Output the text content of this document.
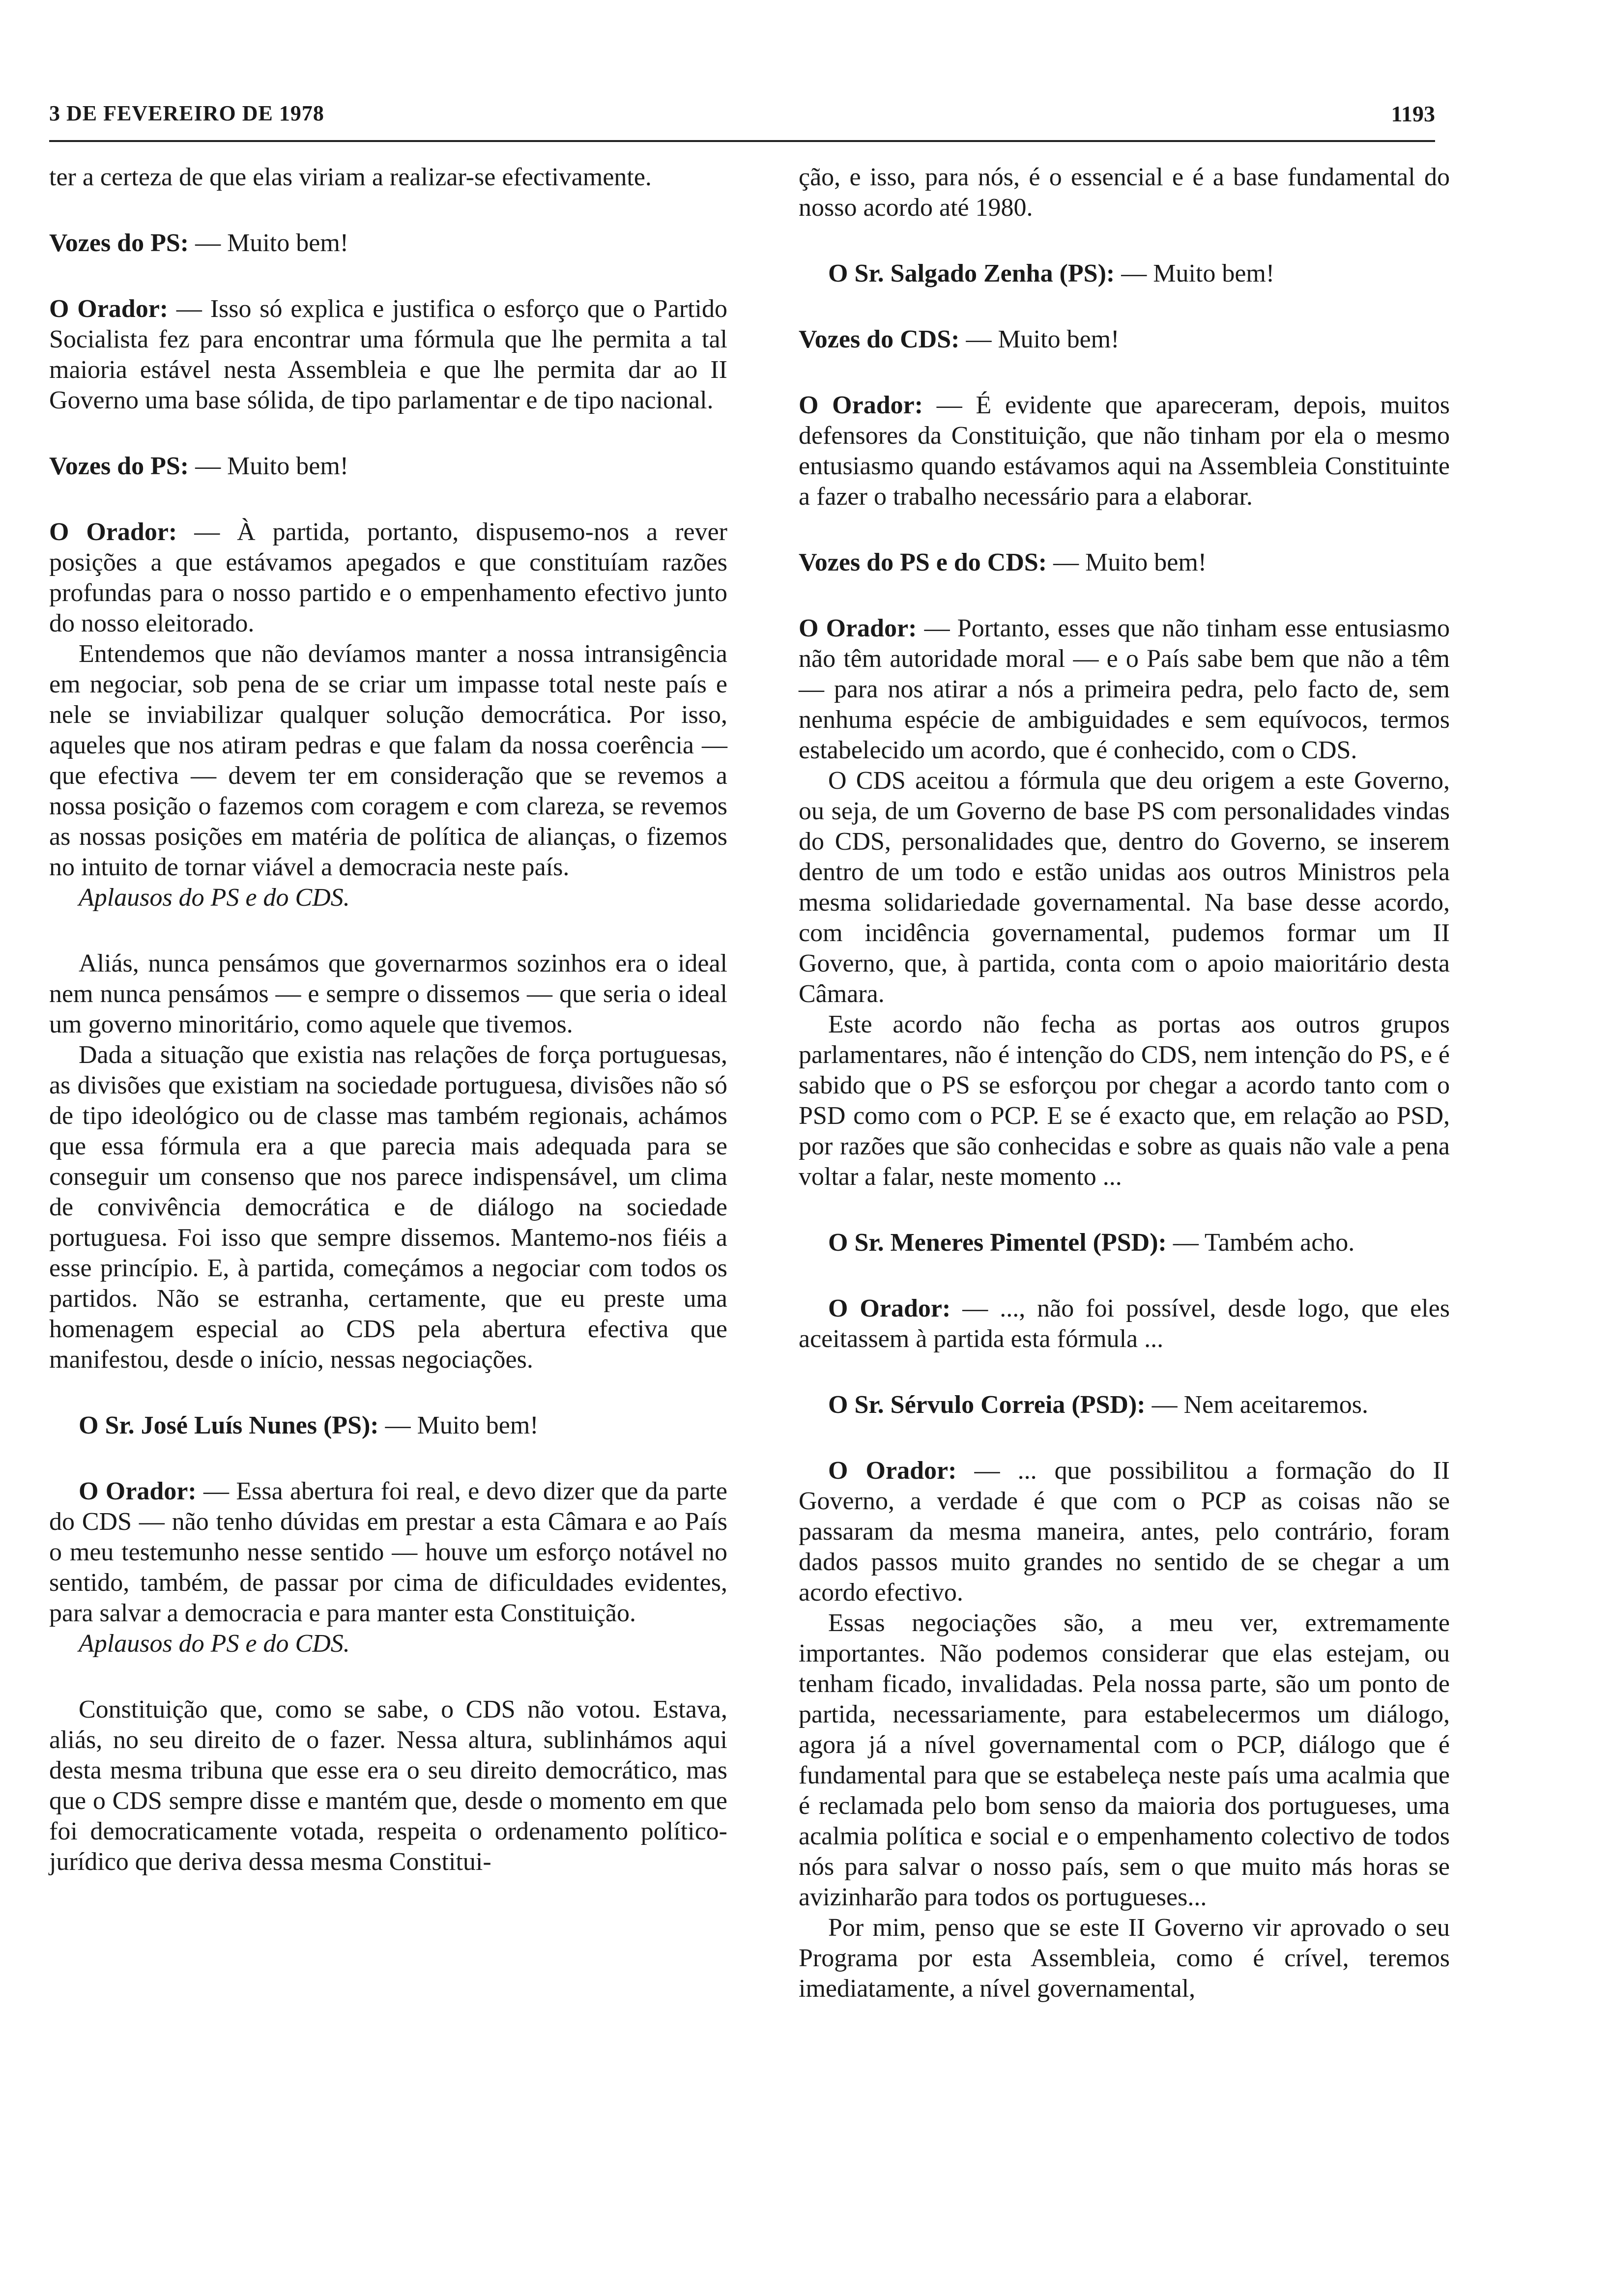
3 DE FEVEREIRO DE 1978	1193

ter a certeza de que elas viriam a realizar-se efectivamente.

Vozes do PS: — Muito bem!

O Orador: — Isso só explica e justifica o esforço que o Partido Socialista fez para encontrar uma fórmula que lhe permita a tal maioria estável nesta Assembleia e que lhe permita dar ao II Governo uma base sólida, de tipo parlamentar e de tipo nacional.

Vozes do PS: — Muito bem!

O Orador: — À partida, portanto, dispusemo-nos a rever posições a que estávamos apegados e que constituíam razões profundas para o nosso partido e o empenhamento efectivo junto do nosso eleitorado.

Entendemos que não devíamos manter a nossa intransigência em negociar, sob pena de se criar um impasse total neste país e nele se inviabilizar qualquer solução democrática. Por isso, aqueles que nos atiram pedras e que falam da nossa coerência — que efectiva — devem ter em consideração que se revemos a nossa posição o fazemos com coragem e com clareza, se revemos as nossas posições em matéria de política de alianças, o fizemos no intuito de tornar viável a democracia neste país.

Aplausos do PS e do CDS.

Aliás, nunca pensámos que governarmos sozinhos era o ideal nem nunca pensámos — e sempre o dissemos — que seria o ideal um governo minoritário, como aquele que tivemos.

Dada a situação que existia nas relações de força portuguesas, as divisões que existiam na sociedade portuguesa, divisões não só de tipo ideológico ou de classe mas também regionais, achámos que essa fórmula era a que parecia mais adequada para se conseguir um consenso que nos parece indispensável, um clima de convivência democrática e de diálogo na sociedade portuguesa. Foi isso que sempre dissemos. Mantemo-nos fiéis a esse princípio. E, à partida, começámos a negociar com todos os partidos. Não se estranha, certamente, que eu preste uma homenagem especial ao CDS pela abertura efectiva que manifestou, desde o início, nessas negociações.

O Sr. José Luís Nunes (PS): — Muito bem!

O Orador: — Essa abertura foi real, e devo dizer que da parte do CDS — não tenho dúvidas em prestar a esta Câmara e ao País o meu testemunho nesse sentido — houve um esforço notável no sentido, também, de passar por cima de dificuldades evidentes, para salvar a democracia e para manter esta Constituição.

Aplausos do PS e do CDS.

Constituição que, como se sabe, o CDS não votou. Estava, aliás, no seu direito de o fazer. Nessa altura, sublinhámos aqui desta mesma tribuna que esse era o seu direito democrático, mas que o CDS sempre disse e mantém que, desde o momento em que foi democraticamente votada, respeita o ordenamento político-jurídico que deriva dessa mesma Constitui-

ção, e isso, para nós, é o essencial e é a base fundamental do nosso acordo até 1980.

O Sr. Salgado Zenha (PS): — Muito bem!

Vozes do CDS: — Muito bem!

O Orador: — É evidente que apareceram, depois, muitos defensores da Constituição, que não tinham por ela o mesmo entusiasmo quando estávamos aqui na Assembleia Constituinte a fazer o trabalho necessário para a elaborar.

Vozes do PS e do CDS: — Muito bem!

O Orador: — Portanto, esses que não tinham esse entusiasmo não têm autoridade moral — e o País sabe bem que não a têm — para nos atirar a nós a primeira pedra, pelo facto de, sem nenhuma espécie de ambiguidades e sem equívocos, termos estabelecido um acordo, que é conhecido, com o CDS.

O CDS aceitou a fórmula que deu origem a este Governo, ou seja, de um Governo de base PS com personalidades vindas do CDS, personalidades que, dentro do Governo, se inserem dentro de um todo e estão unidas aos outros Ministros pela mesma solidariedade governamental. Na base desse acordo, com incidência governamental, pudemos formar um II Governo, que, à partida, conta com o apoio maioritário desta Câmara.

Este acordo não fecha as portas aos outros grupos parlamentares, não é intenção do CDS, nem intenção do PS, e é sabido que o PS se esforçou por chegar a acordo tanto com o PSD como com o PCP. E se é exacto que, em relação ao PSD, por razões que são conhecidas e sobre as quais não vale a pena voltar a falar, neste momento ...

O Sr. Meneres Pimentel (PSD): — Também acho.

O Orador: — ..., não foi possível, desde logo, que eles aceitassem à partida esta fórmula ...

O Sr. Sérvulo Correia (PSD): — Nem aceitaremos.

O Orador: — ... que possibilitou a formação do II Governo, a verdade é que com o PCP as coisas não se passaram da mesma maneira, antes, pelo contrário, foram dados passos muito grandes no sentido de se chegar a um acordo efectivo.

Essas negociações são, a meu ver, extremamente importantes. Não podemos considerar que elas estejam, ou tenham ficado, invalidadas. Pela nossa parte, são um ponto de partida, necessariamente, para estabelecermos um diálogo, agora já a nível governamental com o PCP, diálogo que é fundamental para que se estabeleça neste país uma acalmia que é reclamada pelo bom senso da maioria dos portugueses, uma acalmia política e social e o empenhamento colectivo de todos nós para salvar o nosso país, sem o que muito más horas se avizinharão para todos os portugueses...

Por mim, penso que se este II Governo vir aprovado o seu Programa por esta Assembleia, como é crível, teremos imediatamente, a nível governamental,
